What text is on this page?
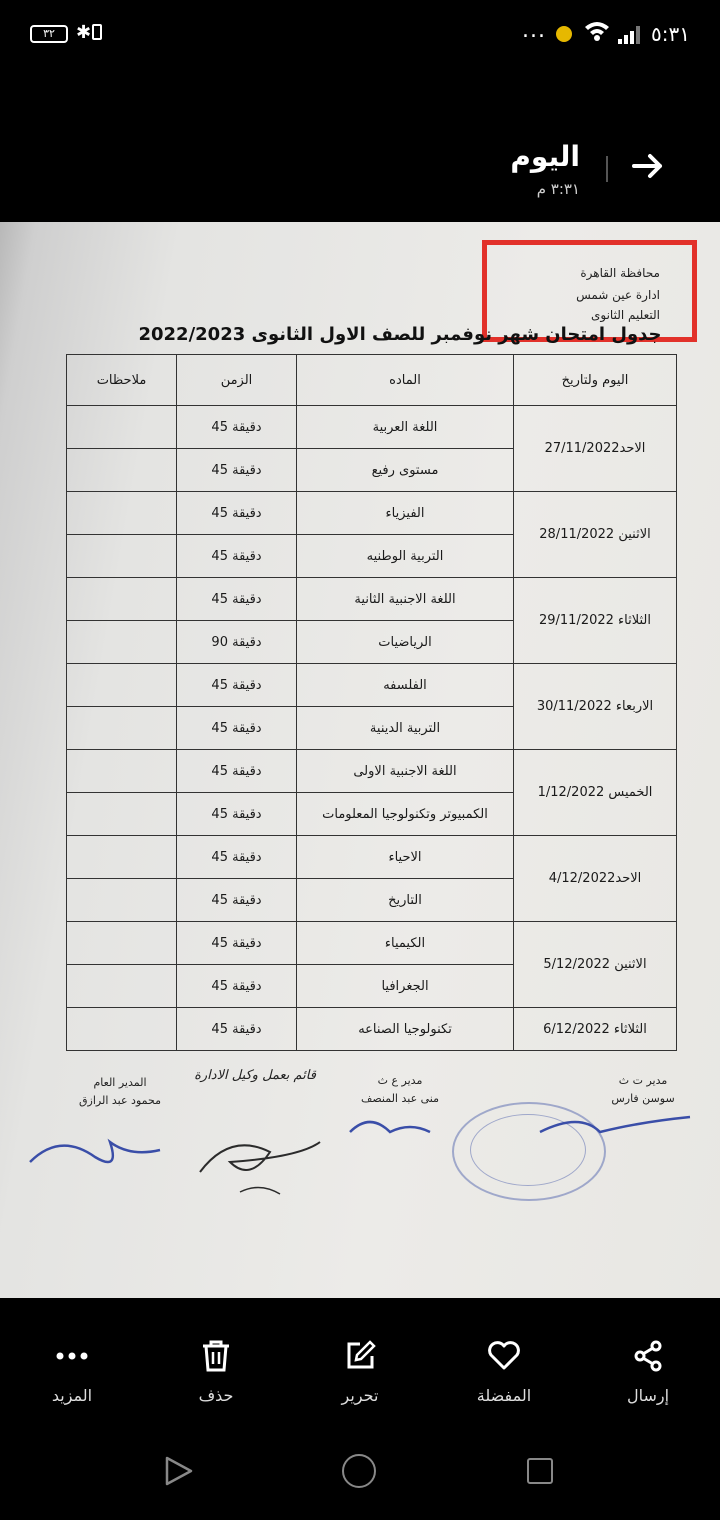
٣٢	✱	٥:٣١
...
اليوم
٣:٣١ م
محافظة القاهرة
ادارة عين شمس
التعليم الثانوى
جدول امتحان شهر نوفمبر للصف الاول الثانوى 2022/2023
اليوم ولتاريخ	الماده	الزمن	ملاحظات
الاحد27/11/2022	اللغة العربية	دقيقة 45	
	مستوى رفيع	دقيقة 45	
الاثنين 28/11/2022	الفيزياء	دقيقة 45	
	التربية الوطنيه	دقيقة 45	
الثلاثاء 29/11/2022	اللغة الاجنبية الثانية	دقيقة 45	
	الرياضيات	دقيقة 90	
الاربعاء 30/11/2022	الفلسفه	دقيقة 45	
	التربية الدينية	دقيقة 45	
الخميس 1/12/2022	اللغة الاجنبية الاولى	دقيقة 45	
	الكمبيوتر وتكنولوجيا المعلومات	دقيقة 45	
الاحد4/12/2022	الاحياء	دقيقة 45	
	التاريخ	دقيقة 45	
الاثنين 5/12/2022	الكيمياء	دقيقة 45	
	الجغرافيا	دقيقة 45	
الثلاثاء 6/12/2022	تكنولوجيا الصناعه	دقيقة 45	
مدير ت ث
سوسن فارس
مدير ع ث
منى عبد المنصف
قائم بعمل وكيل الادارة
المدير العام
محمود عبد الرازق
إرسال
المفضلة
تحرير
حذف
المزيد
